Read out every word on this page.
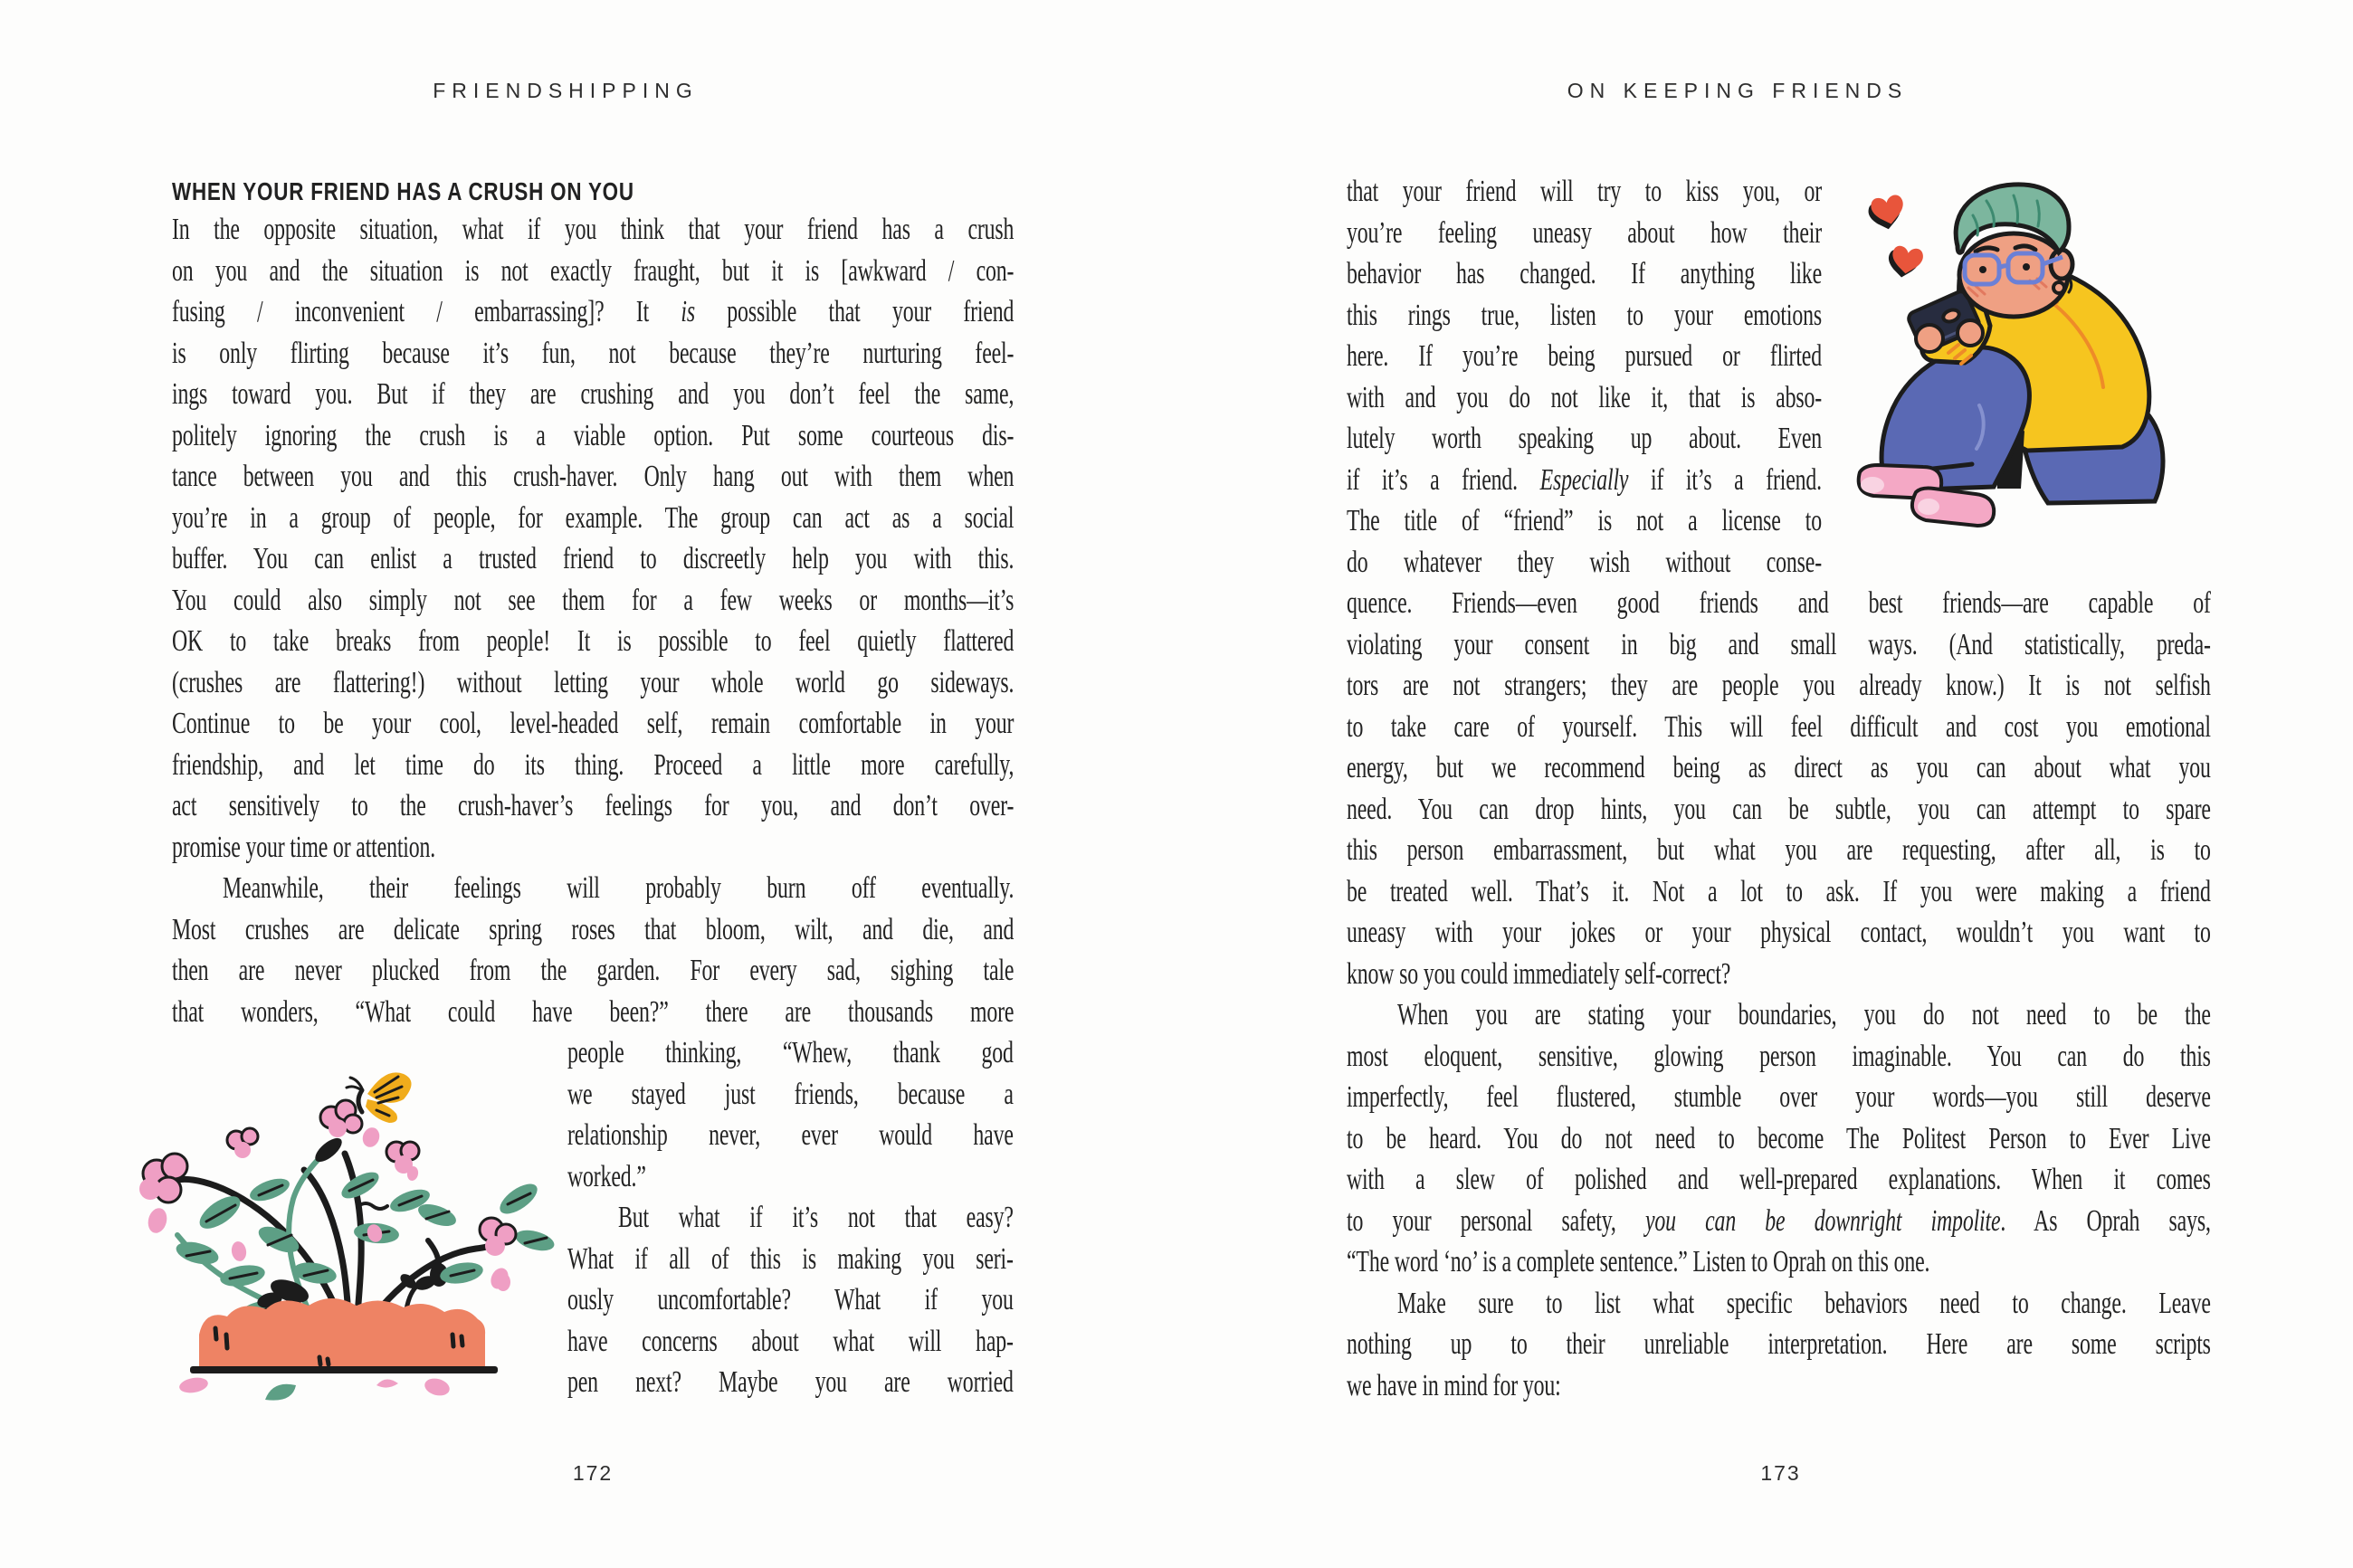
FRIENDSHIPPING
WHEN YOUR FRIEND HAS A CRUSH ON YOU
In the opposite situation, what if you think that your friend has a crush
on you and the situation is not exactly fraught, but it is [awkward / con-
fusing / inconvenient / embarrassing]? It is possible that your friend
is only flirting because it’s fun, not because they’re nurturing feel-
ings toward you. But if they are crushing and you don’t feel the same,
politely ignoring the crush is a viable option. Put some courteous dis-
tance between you and this crush-haver. Only hang out with them when
you’re in a group of people, for example. The group can act as a social
buffer. You can enlist a trusted friend to discreetly help you with this.
You could also simply not see them for a few weeks or months—it’s
OK to take breaks from people! It is possible to feel quietly flattered
(crushes are flattering!) without letting your whole world go sideways.
Continue to be your cool, level-headed self, remain comfortable in your
friendship, and let time do its thing. Proceed a little more carefully,
act sensitively to the crush-haver’s feelings for you, and don’t over-
promise your time or attention.
Meanwhile, their feelings will probably burn off eventually.
Most crushes are delicate spring roses that bloom, wilt, and die, and
then are never plucked from the garden. For every sad, sighing tale
that wonders, “What could have been?” there are thousands more
people thinking, “Whew, thank god
we stayed just friends, because a
relationship never, ever would have
worked.”
But what if it’s not that easy?
What if all of this is making you seri-
ously uncomfortable? What if you
have concerns about what will hap-
pen next? Maybe you are worried
172
ON KEEPING FRIENDS
that your friend will try to kiss you, or
you’re feeling uneasy about how their
behavior has changed. If anything like
this rings true, listen to your emotions
here. If you’re being pursued or flirted
with and you do not like it, that is abso-
lutely worth speaking up about. Even
if it’s a friend. Especially if it’s a friend.
The title of “friend” is not a license to
do whatever they wish without conse-
quence. Friends—even good friends and best friends—are capable of
violating your consent in big and small ways. (And statistically, preda-
tors are not strangers; they are people you already know.) It is not selfish
to take care of yourself. This will feel difficult and cost you emotional
energy, but we recommend being as direct as you can about what you
need. You can drop hints, you can be subtle, you can attempt to spare
this person embarrassment, but what you are requesting, after all, is to
be treated well. That’s it. Not a lot to ask. If you were making a friend
uneasy with your jokes or your physical contact, wouldn’t you want to
know so you could immediately self-correct?
When you are stating your boundaries, you do not need to be the
most eloquent, sensitive, glowing person imaginable. You can do this
imperfectly, feel flustered, stumble over your words—you still deserve
to be heard. You do not need to become The Politest Person to Ever Live
with a slew of polished and well-prepared explanations. When it comes
to your personal safety, you can be downright impolite. As Oprah says,
“The word ‘no’ is a complete sentence.” Listen to Oprah on this one.
Make sure to list what specific behaviors need to change. Leave
nothing up to their unreliable interpretation. Here are some scripts
we have in mind for you:
173
